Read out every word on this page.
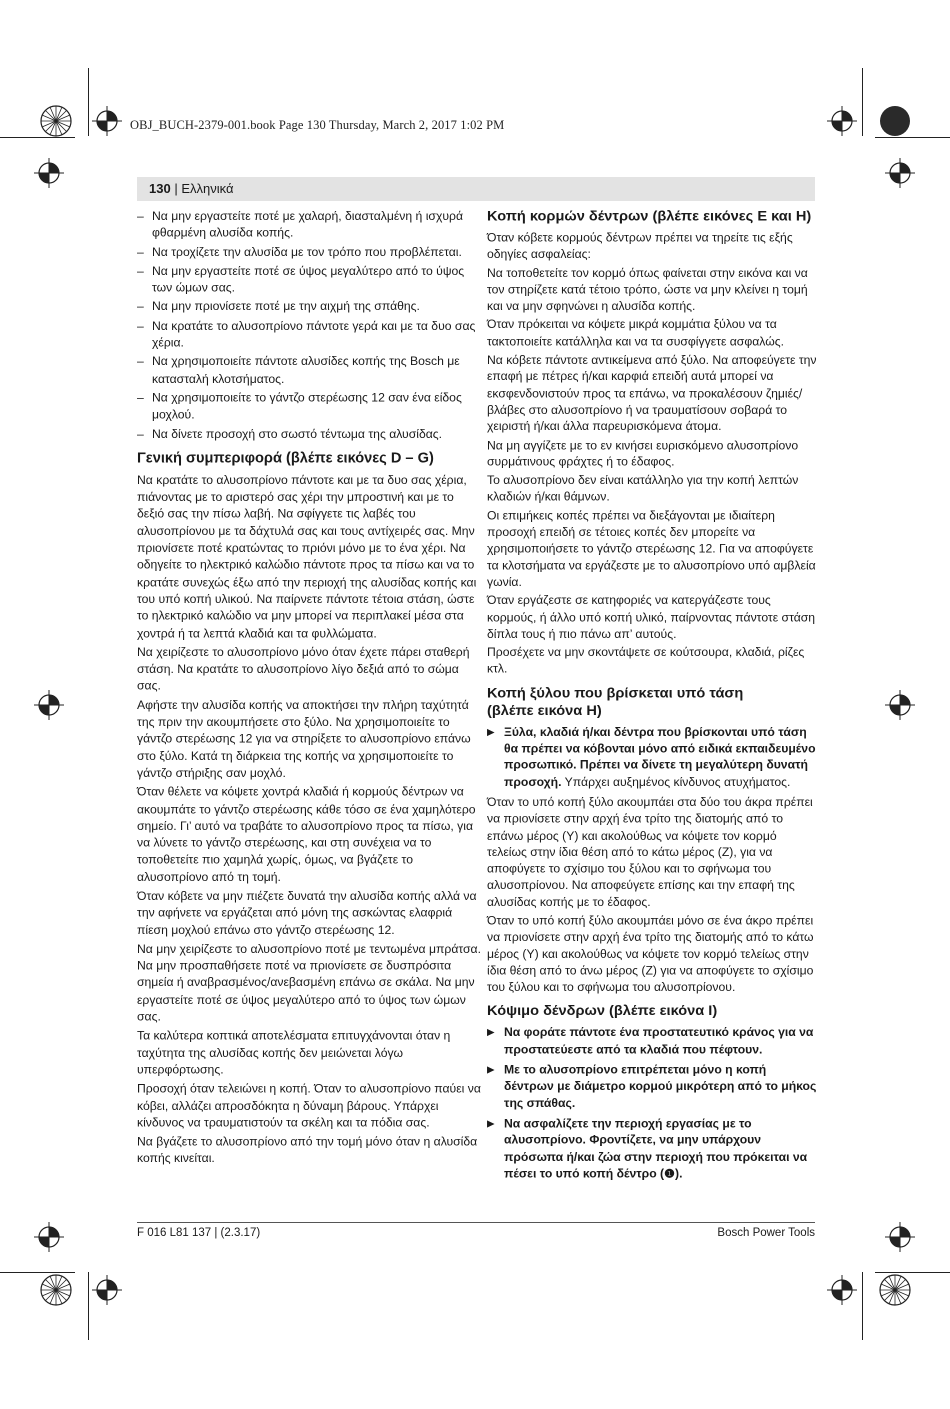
OBJ_BUCH-2379-001.book Page 130 Thursday, March 2, 2017 1:02 PM
130 | Ελληνικά
– Να μην εργαστείτε ποτέ με χαλαρή, διασταλμένη ή ισχυρά φθαρμένη αλυσίδα κοπής.
– Να τροχίζετε την αλυσίδα με τον τρόπο που προβλέπεται.
– Να μην εργαστείτε ποτέ σε ύψος μεγαλύτερο από το ύψος των ώμων σας.
– Να μην πριονίσετε ποτέ με την αιχμή της σπάθης.
– Να κρατάτε το αλυσοπρίονο πάντοτε γερά και με τα δυο σας χέρια.
– Να χρησιμοποιείτε πάντοτε αλυσίδες κοπής της Bosch με κατασταλή κλοτσήματος.
– Να χρησιμοποιείτε το γάντζο στερέωσης 12 σαν ένα είδος μοχλού.
– Να δίνετε προσοχή στο σωστό τέντωμα της αλυσίδας.
Γενική συμπεριφορά (βλέπε εικόνες D – G)

Να κρατάτε το αλυσοπρίονο πάντοτε και με τα δυο σας χέρια, πιάνοντας με το αριστερό σας χέρι την μπροστινή και με το δεξιό σας την πίσω λαβή. Να σφίγγετε τις λαβές του αλυσοπρίονου με τα δάχτυλά σας και τους αντίχειρές σας. Μην πριονίσετε ποτέ κρατώντας το πριόνι μόνο με το ένα χέρι. Να οδηγείτε το ηλεκτρικό καλώδιο πάντοτε προς τα πίσω και να το κρατάτε συνεχώς έξω από την περιοχή της αλυσίδας κοπής και του υπό κοπή υλικού. Να παίρνετε πάντοτε τέτοια στάση, ώστε το ηλεκτρικό καλώδιο να μην μπορεί να περιπλακεί μέσα στα χοντρά ή τα λεπτά κλαδιά και τα φυλλώματα.

Να χειρίζεστε το αλυσοπρίονο μόνο όταν έχετε πάρει σταθερή στάση. Να κρατάτε το αλυσοπρίονο λίγο δεξιά από το σώμα σας.

Αφήστε την αλυσίδα κοπής να αποκτήσει την πλήρη ταχύτητά της πριν την ακουμπήσετε στο ξύλο. Να χρησιμοποιείτε το γάντζο στερέωσης 12 για να στηρίξετε το αλυσοπρίονο επάνω στο ξύλο. Κατά τη διάρκεια της κοπής να χρησιμοποιείτε το γάντζο στήριξης σαν μοχλό.

Όταν θέλετε να κόψετε χοντρά κλαδιά ή κορμούς δέντρων να ακουμπάτε το γάντζο στερέωσης κάθε τόσο σε ένα χαμηλότερο σημείο. Γι’ αυτό να τραβάτε το αλυσοπρίονο προς τα πίσω, για να λύνετε το γάντζο στερέωσης, και στη συνέχεια να το τοποθετείτε πιο χαμηλά χωρίς, όμως, να βγάζετε το αλυσοπρίονο από τη τομή.

Όταν κόβετε να μην πιέζετε δυνατά την αλυσίδα κοπής αλλά να την αφήνετε να εργάζεται από μόνη της ασκώντας ελαφριά πίεση μοχλού επάνω στο γάντζο στερέωσης 12.

Να μην χειρίζεστε το αλυσοπρίονο ποτέ με τεντωμένα μπράτσα. Να μην προσπαθήσετε ποτέ να πριονίσετε σε δυσπρόσιτα σημεία ή αναβρασμένος/ανεβασμένη επάνω σε σκάλα. Να μην εργαστείτε ποτέ σε ύψος μεγαλύτερο από το ύψος των ώμων σας.

Τα καλύτερα κοπτικά αποτελέσματα επιτυγχάνονται όταν η ταχύτητα της αλυσίδας κοπής δεν μειώνεται λόγω υπερφόρτωσης.

Προσοχή όταν τελειώνει η κοπή. Όταν το αλυσοπρίονο παύει να κόβει, αλλάζει απροσδόκητα η δύναμη βάρους. Υπάρχει κίνδυνος να τραυματιστούν τα σκέλη και τα πόδια σας.

Να βγάζετε το αλυσοπρίονο από την τομή μόνο όταν η αλυσίδα κοπής κινείται.

Κοπή κορμών δέντρων (βλέπε εικόνες E και H)

Όταν κόβετε κορμούς δέντρων πρέπει να τηρείτε τις εξής οδηγίες ασφαλείας:

Να τοποθετείτε τον κορμό όπως φαίνεται στην εικόνα και να τον στηρίζετε κατά τέτοιο τρόπο, ώστε να μην κλείνει η τομή και να μην σφηνώνει η αλυσίδα κοπής.

Όταν πρόκειται να κόψετε μικρά κομμάτια ξύλου να τα τακτοποιείτε κατάλληλα και να τα συσφίγγετε ασφαλώς.

Να κόβετε πάντοτε αντικείμενα από ξύλο. Να αποφεύγετε την επαφή με πέτρες ή/και καρφιά επειδή αυτά μπορεί να εκσφενδονιστούν προς τα επάνω, να προκαλέσουν ζημιές/βλάβες στο αλυσοπρίονο ή να τραυματίσουν σοβαρά το χειριστή ή/και άλλα παρευρισκόμενα άτομα.

Να μη αγγίζετε με το εν κινήσει ευρισκόμενο αλυσοπρίονο συρμάτινους φράχτες ή το έδαφος.

Το αλυσοπρίονο δεν είναι κατάλληλο για την κοπή λεπτών κλαδιών ή/και θάμνων.

Οι επιμήκεις κοπές πρέπει να διεξάγονται με ιδιαίτερη προσοχή επειδή σε τέτοιες κοπές δεν μπορείτε να χρησιμοποιήσετε το γάντζο στερέωσης 12. Για να αποφύγετε τα κλοτσήματα να εργάζεστε με το αλυσοπρίονο υπό αμβλεία γωνία.

Όταν εργάζεστε σε κατηφοριές να κατεργάζεστε τους κορμούς, ή άλλο υπό κοπή υλικό, παίρνοντας πάντοτε στάση δίπλα τους ή πιο πάνω απ’ αυτούς.

Προσέχετε να μην σκοντάψετε σε κούτσουρα, κλαδιά, ρίζες κτλ.

Κοπή ξύλου που βρίσκεται υπό τάση
(βλέπε εικόνα H)
▶ Ξύλα, κλαδιά ή/και δέντρα που βρίσκονται υπό τάση θα πρέπει να κόβονται μόνο από ειδικά εκπαιδευμένο προσωπικό. Πρέπει να δίνετε τη μεγαλύτερη δυνατή προσοχή. Υπάρχει αυξημένος κίνδυνος ατυχήματος.

Όταν το υπό κοπή ξύλο ακουμπάει στα δύο του άκρα πρέπει να πριονίσετε στην αρχή ένα τρίτο της διατομής από το επάνω μέρος (Y) και ακολούθως να κόψετε τον κορμό τελείως στην ίδια θέση από το κάτω μέρος (Z), για να αποφύγετε το σχίσιμο του ξύλου και το σφήνωμα του αλυσοπρίονου. Να αποφεύγετε επίσης και την επαφή της αλυσίδας κοπής με το έδαφος.

Όταν το υπό κοπή ξύλο ακουμπάει μόνο σε ένα άκρο πρέπει να πριονίσετε στην αρχή ένα τρίτο της διατομής από το κάτω μέρος (Y) και ακολούθως να κόψετε τον κορμό τελείως στην ίδια θέση από το άνω μέρος (Z) για να αποφύγετε το σχίσιμο του ξύλου και το σφήνωμα του αλυσοπρίονου.

Κόψιμο δένδρων (βλέπε εικόνα I)
▶ Να φοράτε πάντοτε ένα προστατευτικό κράνος για να προστατεύεστε από τα κλαδιά που πέφτουν.
▶ Με το αλυσοπρίονο επιτρέπεται μόνο η κοπή δέντρων με διάμετρο κορμού μικρότερη από το μήκος της σπάθας.
▶ Να ασφαλίζετε την περιοχή εργασίας με το αλυσοπρίονο. Φροντίζετε, να μην υπάρχουν πρόσωπα ή/και ζώα στην περιοχή που πρόκειται να πέσει το υπό κοπή δέντρο (❶).
F 016 L81 137 | (2.3.17)	Bosch Power Tools
